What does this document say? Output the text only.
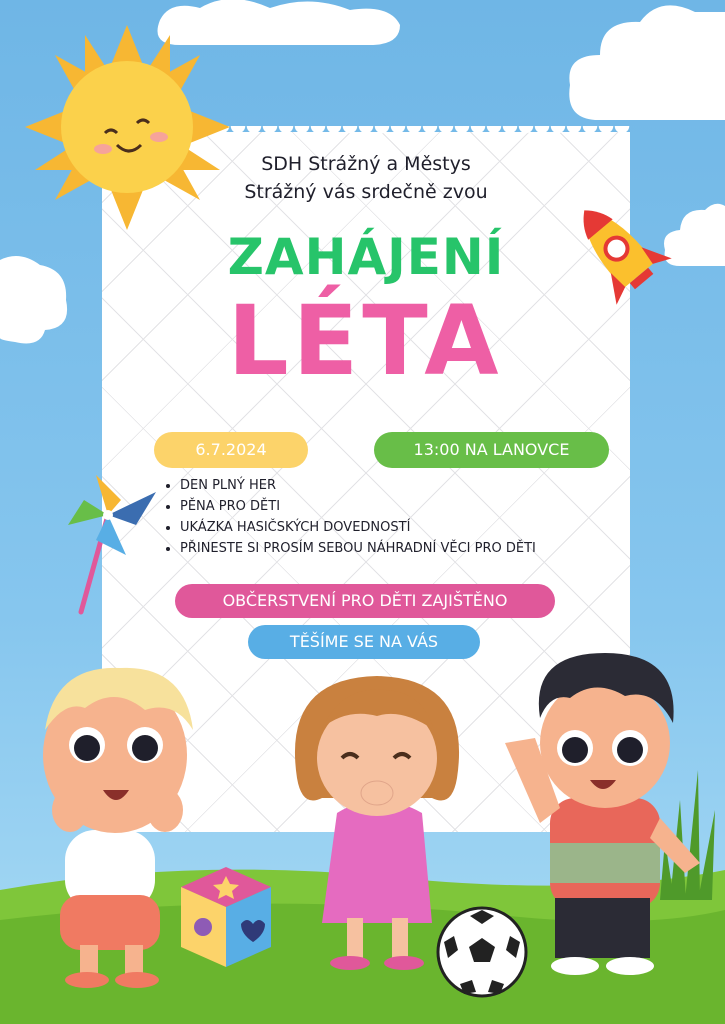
SDH Strážný a Městys
Strážný vás srdečně zvou
ZAHÁJENÍ
LÉTA
6.7.2024	13:00 NA LANOVCE
• DEN PLNÝ HER
• PĚNA PRO DĚTI
• UKÁZKA HASIČSKÝCH DOVEDNOSTÍ
• PŘINESTE SI PROSÍM SEBOU NÁHRADNÍ VĚCI PRO DĚTI
OBČERSTVENÍ PRO DĚTI ZAJIŠTĚNO
TĚŠÍME SE NA VÁS
